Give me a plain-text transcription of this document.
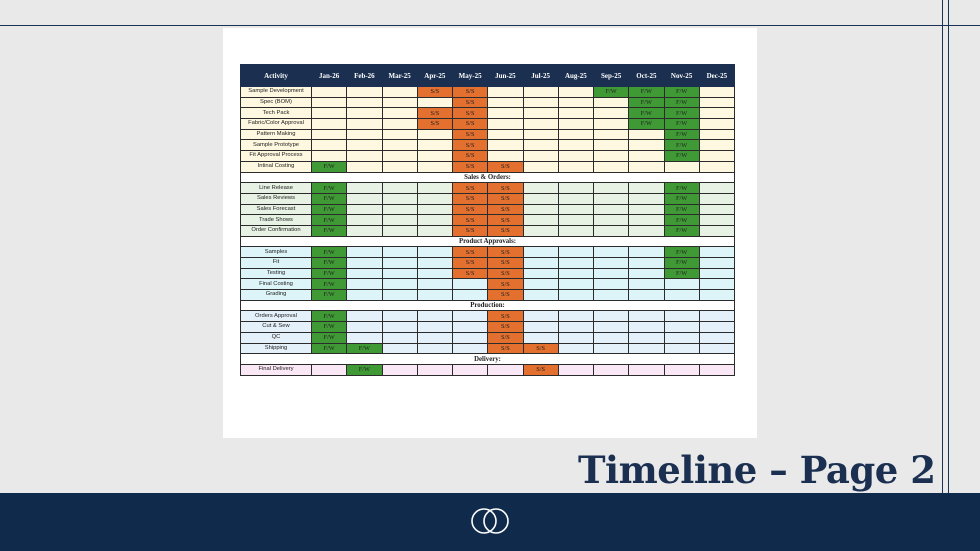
Activity	Jan-26	Feb-26	Mar-25	Apr-25	May-25	Jun-25	Jul-25	Aug-25	Sep-25	Oct-25	Nov-25	Dec-25
Sample Development				S/S	S/S				F/W	F/W	F/W	
Spec (BOM)					S/S					F/W	F/W	
Tech Pack				S/S	S/S					F/W	F/W	
Fabric/Color Approval				S/S	S/S					F/W	F/W	
Pattern Making					S/S						F/W	
Sample Prototype					S/S						F/W	
Fit Approval Process					S/S						F/W	
Intinal Costing	F/W				S/S	S/S						
Sales & Orders:												
Line Release	F/W				S/S	S/S					F/W	
Sales Reviews	F/W				S/S	S/S					F/W	
Sales Forecast	F/W				S/S	S/S					F/W	
Trade Shows	F/W				S/S	S/S					F/W	
Order Confirmation	F/W				S/S	S/S					F/W	
Product Approvals:												
Samples	F/W				S/S	S/S					F/W	
Fit	F/W				S/S	S/S					F/W	
Testing	F/W				S/S	S/S					F/W	
Final Costing	F/W					S/S						
Grading	F/W					S/S						
Production:												
Orders Approval	F/W					S/S						
Cut & Sew	F/W					S/S						
QC	F/W					S/S						
Shipping	F/W	F/W				S/S	S/S					
Delivery:												
Final Delivery		F/W					S/S					
Timeline – Page 2
